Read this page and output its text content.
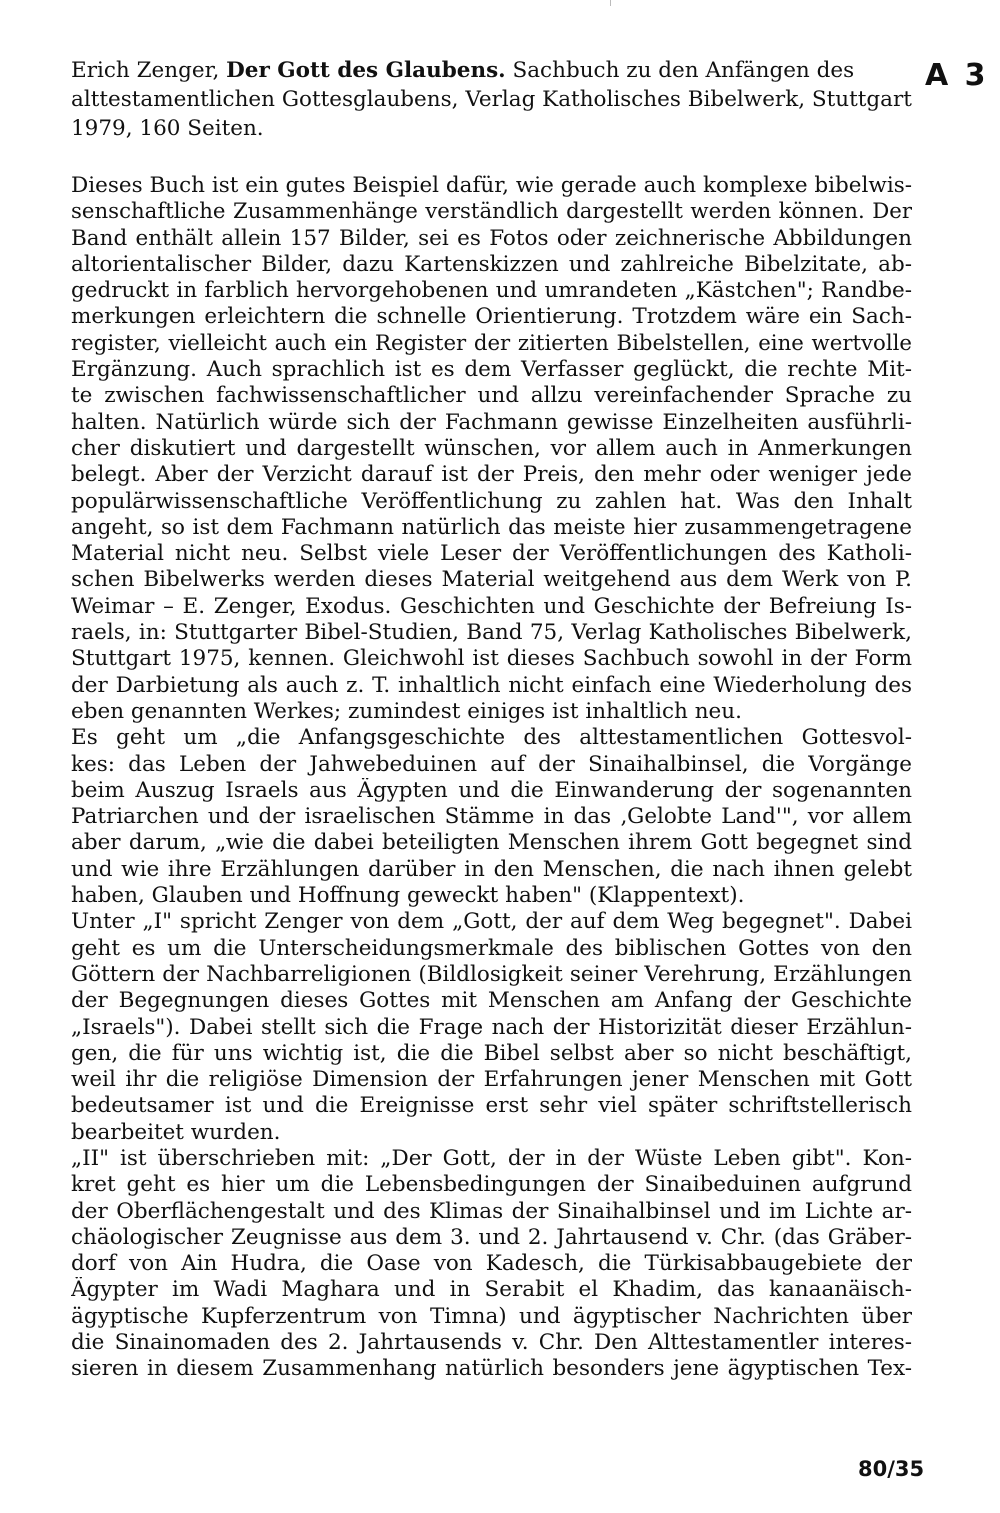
A 3

Erich Zenger, Der Gott des Glaubens. Sachbuch zu den Anfängen des alttestamentlichen Gottesglaubens, Verlag Katholisches Bibelwerk, Stuttgart 1979, 160 Seiten.

Dieses Buch ist ein gutes Beispiel dafür, wie gerade auch komplexe bibelwis-
senschaftliche Zusammenhänge verständlich dargestellt werden können. Der
Band enthält allein 157 Bilder, sei es Fotos oder zeichnerische Abbildungen
altorientalischer Bilder, dazu Kartenskizzen und zahlreiche Bibelzitate, ab-
gedruckt in farblich hervorgehobenen und umrandeten „Kästchen"; Randbe-
merkungen erleichtern die schnelle Orientierung. Trotzdem wäre ein Sach-
register, vielleicht auch ein Register der zitierten Bibelstellen, eine wertvolle
Ergänzung. Auch sprachlich ist es dem Verfasser geglückt, die rechte Mit-
te zwischen fachwissenschaftlicher und allzu vereinfachender Sprache zu
halten. Natürlich würde sich der Fachmann gewisse Einzelheiten ausführli-
cher diskutiert und dargestellt wünschen, vor allem auch in Anmerkungen
belegt. Aber der Verzicht darauf ist der Preis, den mehr oder weniger jede
populärwissenschaftliche Veröffentlichung zu zahlen hat. Was den Inhalt
angeht, so ist dem Fachmann natürlich das meiste hier zusammengetragene
Material nicht neu. Selbst viele Leser der Veröffentlichungen des Katholi-
schen Bibelwerks werden dieses Material weitgehend aus dem Werk von P.
Weimar – E. Zenger, Exodus. Geschichten und Geschichte der Befreiung Is-
raels, in: Stuttgarter Bibel-Studien, Band 75, Verlag Katholisches Bibelwerk,
Stuttgart 1975, kennen. Gleichwohl ist dieses Sachbuch sowohl in der Form
der Darbietung als auch z. T. inhaltlich nicht einfach eine Wiederholung des
eben genannten Werkes; zumindest einiges ist inhaltlich neu.
Es geht um „die Anfangsgeschichte des alttestamentlichen Gottesvol-
kes: das Leben der Jahwebeduinen auf der Sinaihalbinsel, die Vorgänge
beim Auszug Israels aus Ägypten und die Einwanderung der sogenannten
Patriarchen und der israelischen Stämme in das ‚Gelobte Land'", vor allem
aber darum, „wie die dabei beteiligten Menschen ihrem Gott begegnet sind
und wie ihre Erzählungen darüber in den Menschen, die nach ihnen gelebt
haben, Glauben und Hoffnung geweckt haben" (Klappentext).
Unter „I" spricht Zenger von dem „Gott, der auf dem Weg begegnet". Dabei
geht es um die Unterscheidungsmerkmale des biblischen Gottes von den
Göttern der Nachbarreligionen (Bildlosigkeit seiner Verehrung, Erzählungen
der Begegnungen dieses Gottes mit Menschen am Anfang der Geschichte
„Israels"). Dabei stellt sich die Frage nach der Historizität dieser Erzählun-
gen, die für uns wichtig ist, die die Bibel selbst aber so nicht beschäftigt,
weil ihr die religiöse Dimension der Erfahrungen jener Menschen mit Gott
bedeutsamer ist und die Ereignisse erst sehr viel später schriftstellerisch
bearbeitet wurden.
„II" ist überschrieben mit: „Der Gott, der in der Wüste Leben gibt". Kon-
kret geht es hier um die Lebensbedingungen der Sinaibeduinen aufgrund
der Oberflächengestalt und des Klimas der Sinaihalbinsel und im Lichte ar-
chäologischer Zeugnisse aus dem 3. und 2. Jahrtausend v. Chr. (das Gräber-
dorf von Ain Hudra, die Oase von Kadesch, die Türkisabbaugebiete der
Ägypter im Wadi Maghara und in Serabit el Khadim, das kanaanäisch-
ägyptische Kupferzentrum von Timna) und ägyptischer Nachrichten über
die Sinainomaden des 2. Jahrtausends v. Chr. Den Alttestamentler interes-
sieren in diesem Zusammenhang natürlich besonders jene ägyptischen Tex-
80/35
